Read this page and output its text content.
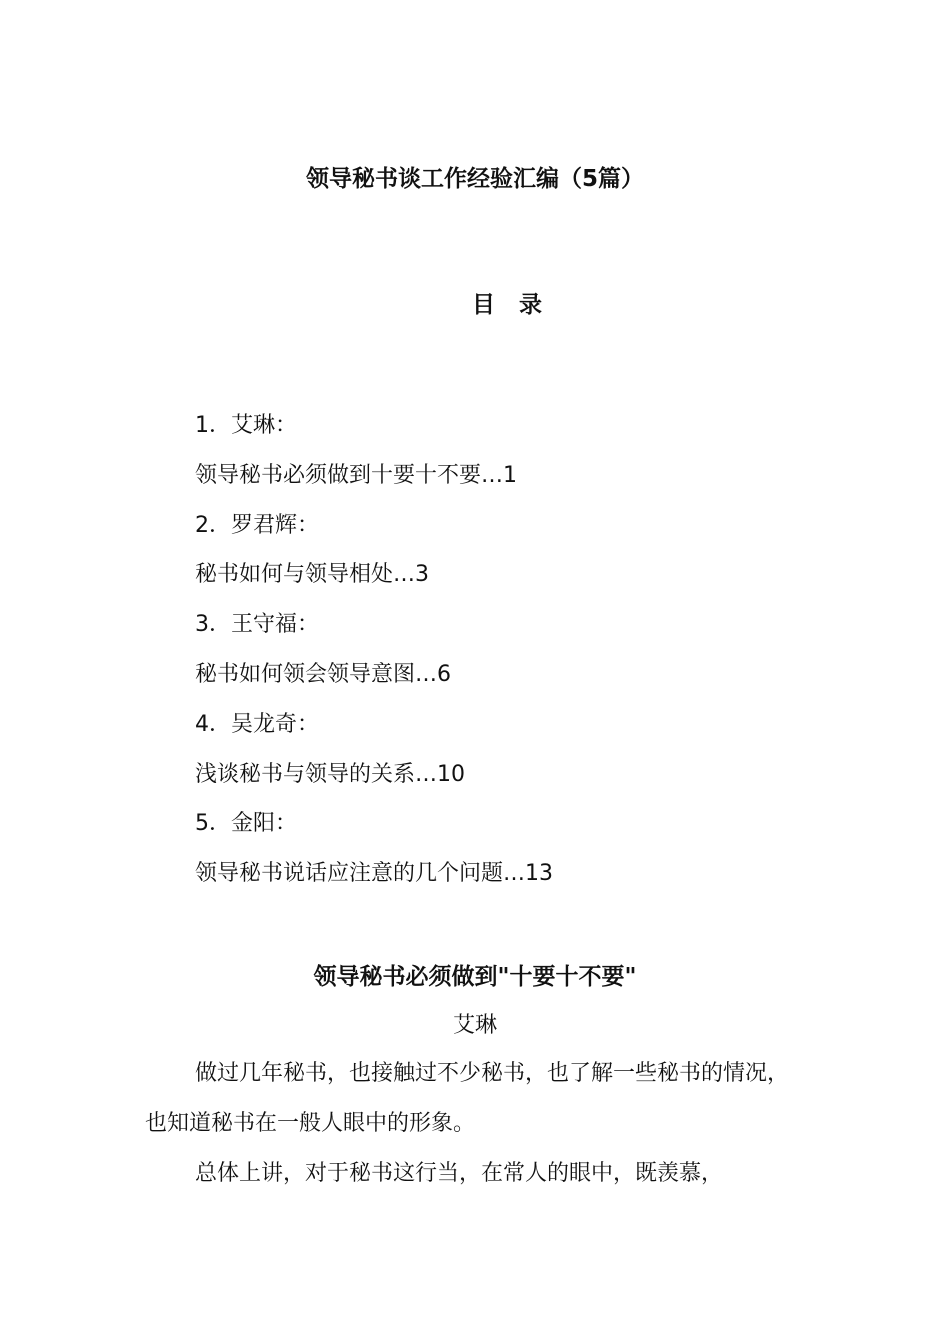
领导秘书谈工作经验汇编（5篇）
目 录
1．艾琳：
领导秘书必须做到十要十不要…1
2．罗君辉：
秘书如何与领导相处…3
3．王守福：
秘书如何领会领导意图…6
4．吴龙奇：
浅谈秘书与领导的关系…10
5．金阳：
领导秘书说话应注意的几个问题…13
领导秘书必须做到"十要十不要"
艾琳
做过几年秘书，也接触过不少秘书，也了解一些秘书的情况，也知道秘书在一般人眼中的形象。
总体上讲，对于秘书这行当，在常人的眼中，既羡慕，
